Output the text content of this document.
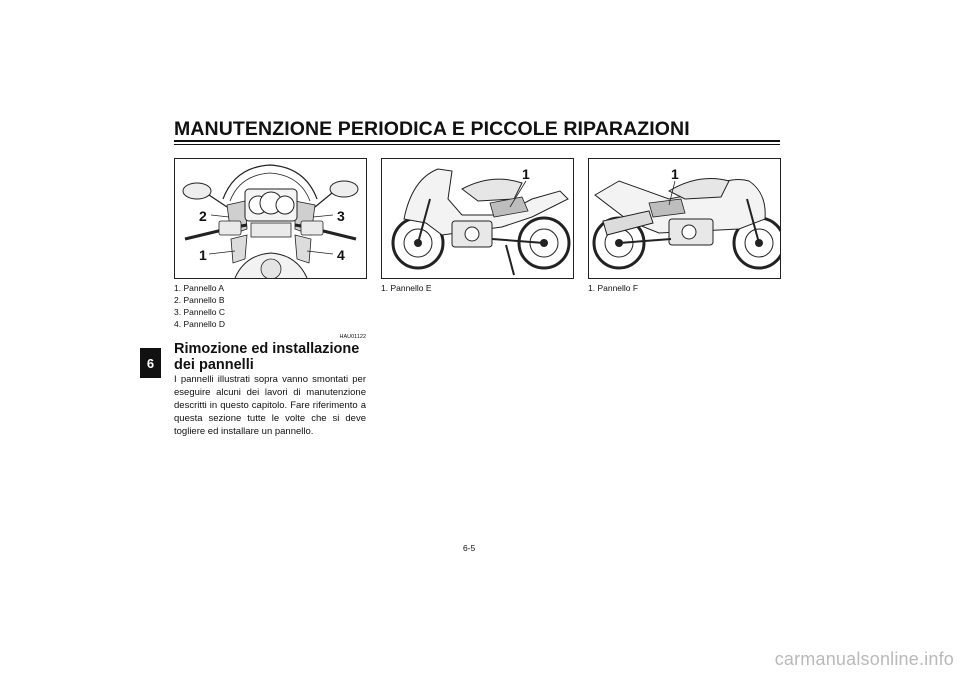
MANUTENZIONE PERIODICA E PICCOLE RIPARAZIONI
6
1
2	3
4
1	1
1. Pannello A
2. Pannello B
3. Pannello C
4. Pannello D
1. Pannello E	1. Pannello F
HAU01122
Rimozione ed installazione dei pannelli
I pannelli illustrati sopra vanno smontati per eseguire alcuni dei lavori di manutenzione descritti in questo capitolo. Fare riferimento a questa sezione tutte le volte che si deve togliere ed installare un pannello.
6-5
carmanualsonline.info
